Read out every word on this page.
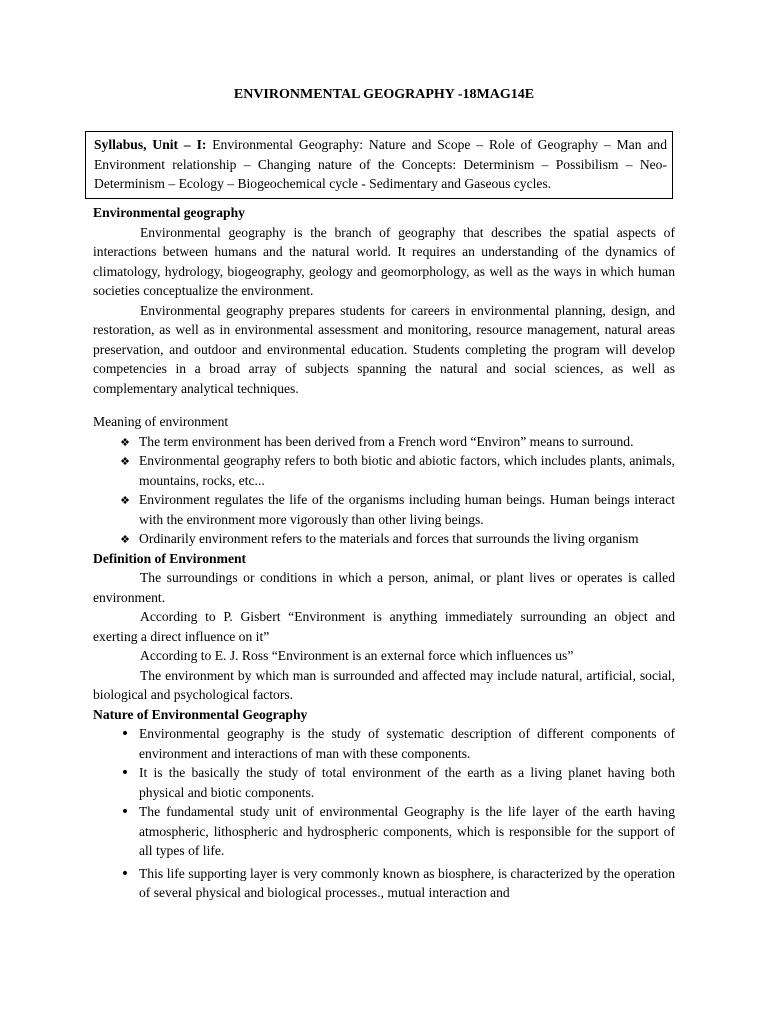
ENVIRONMENTAL GEOGRAPHY -18MAG14E
Syllabus, Unit – I: Environmental Geography: Nature and Scope – Role of Geography – Man and Environment relationship – Changing nature of the Concepts: Determinism – Possibilism – Neo-Determinism – Ecology – Biogeochemical cycle - Sedimentary and Gaseous cycles.

Environmental geography

Environmental geography is the branch of geography that describes the spatial aspects of interactions between humans and the natural world. It requires an understanding of the dynamics of climatology, hydrology, biogeography, geology and geomorphology, as well as the ways in which human societies conceptualize the environment.

Environmental geography prepares students for careers in environmental planning, design, and restoration, as well as in environmental assessment and monitoring, resource management, natural areas preservation, and outdoor and environmental education. Students completing the program will develop competencies in a broad array of subjects spanning the natural and social sciences, as well as complementary analytical techniques.

Meaning of environment

❖
The term environment has been derived from a French word “Environ” means to surround.
❖
Environmental geography refers to both biotic and abiotic factors, which includes plants, animals, mountains, rocks, etc...
❖
Environment regulates the life of the organisms including human beings. Human beings interact with the environment more vigorously than other living beings.
❖
Ordinarily environment refers to the materials and forces that surrounds the living organism

Definition of Environment

The surroundings or conditions in which a person, animal, or plant lives or operates is called environment.

According to P. Gisbert “Environment is anything immediately surrounding an object and exerting a direct influence on it”

According to E. J. Ross “Environment is an external force which influences us”

The environment by which man is surrounded and affected may include natural, artificial, social, biological and psychological factors.

Nature of Environmental Geography

•
Environmental geography is the study of systematic description of different components of environment and interactions of man with these components.
•
It is the basically the study of total environment of the earth as a living planet having both physical and biotic components.
•
The fundamental study unit of environmental Geography is the life layer of the earth having atmospheric, lithospheric and hydrospheric components, which is responsible for the support of all types of life.
•
This life supporting layer is very commonly known as biosphere, is characterized by the operation of several physical and biological processes., mutual interaction and
